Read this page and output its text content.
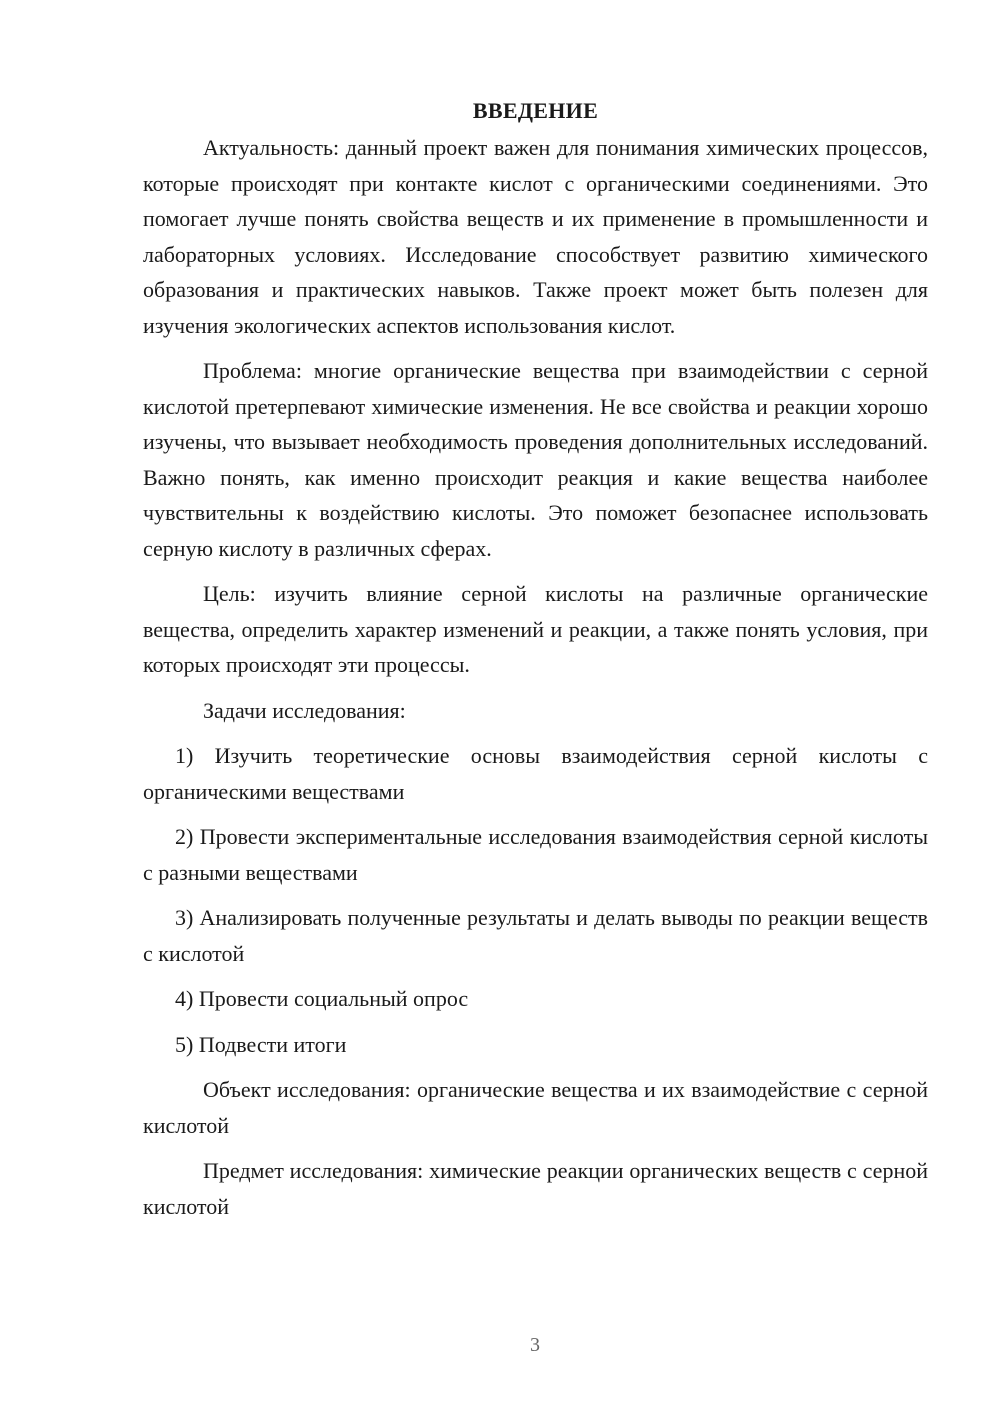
ВВЕДЕНИЕ

Актуальность: данный проект важен для понимания химических процессов, которые происходят при контакте кислот с органическими соединениями. Это помогает лучше понять свойства веществ и их применение в промышленности и лабораторных условиях. Исследование способствует развитию химического образования и практических навыков. Также проект может быть полезен для изучения экологических аспектов использования кислот.

Проблема: многие органические вещества при взаимодействии с серной кислотой претерпевают химические изменения. Не все свойства и реакции хорошо изучены, что вызывает необходимость проведения дополнительных исследований. Важно понять, как именно происходит реакция и какие вещества наиболее чувствительны к воздействию кислоты. Это поможет безопаснее использовать серную кислоту в различных сферах.

Цель: изучить влияние серной кислоты на различные органические вещества, определить характер изменений и реакции, а также понять условия, при которых происходят эти процессы.

Задачи исследования:

1) Изучить теоретические основы взаимодействия серной кислоты с органическими веществами

2) Провести экспериментальные исследования взаимодействия серной кислоты с разными веществами

3) Анализировать полученные результаты и делать выводы по реакции веществ с кислотой

4) Провести социальный опрос

5) Подвести итоги

Объект исследования: органические вещества и их взаимодействие с серной кислотой

Предмет исследования: химические реакции органических веществ с серной кислотой

3
